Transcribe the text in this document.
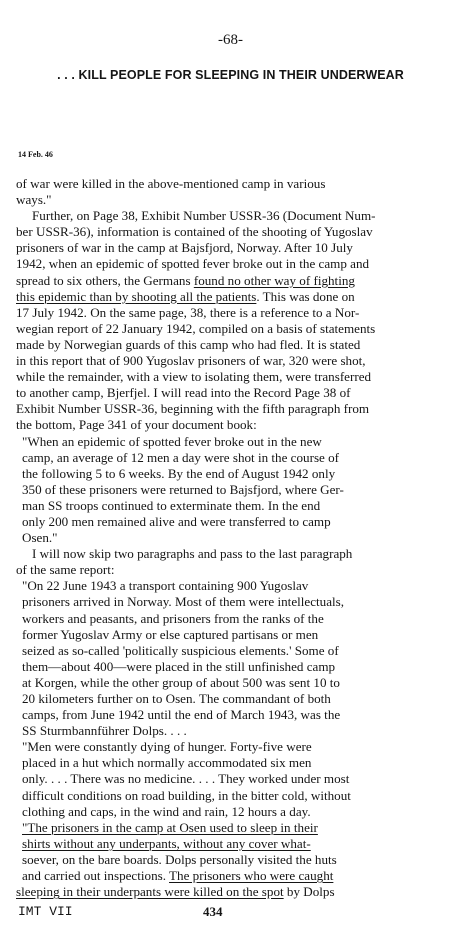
-68-
. . . KILL PEOPLE FOR SLEEPING IN THEIR UNDERWEAR
14 Feb. 46
of war were killed in the above-mentioned camp in various
ways."
Further, on Page 38, Exhibit Number USSR-36 (Document Num-
ber USSR-36), information is contained of the shooting of Yugoslav
prisoners of war in the camp at Bajsfjord, Norway. After 10 July
1942, when an epidemic of spotted fever broke out in the camp and
spread to six others, the Germans found no other way of fighting
this epidemic than by shooting all the patients. This was done on
17 July 1942. On the same page, 38, there is a reference to a Nor-
wegian report of 22 January 1942, compiled on a basis of statements
made by Norwegian guards of this camp who had fled. It is stated
in this report that of 900 Yugoslav prisoners of war, 320 were shot,
while the remainder, with a view to isolating them, were transferred
to another camp, Bjerfjel. I will read into the Record Page 38 of
Exhibit Number USSR-36, beginning with the fifth paragraph from
the bottom, Page 341 of your document book:
"When an epidemic of spotted fever broke out in the new
camp, an average of 12 men a day were shot in the course of
the following 5 to 6 weeks. By the end of August 1942 only
350 of these prisoners were returned to Bajsfjord, where Ger-
man SS troops continued to exterminate them. In the end
only 200 men remained alive and were transferred to camp
Osen."
I will now skip two paragraphs and pass to the last paragraph
of the same report:
"On 22 June 1943 a transport containing 900 Yugoslav
prisoners arrived in Norway. Most of them were intellectuals,
workers and peasants, and prisoners from the ranks of the
former Yugoslav Army or else captured partisans or men
seized as so-called 'politically suspicious elements.' Some of
them—about 400—were placed in the still unfinished camp
at Korgen, while the other group of about 500 was sent 10 to
20 kilometers further on to Osen. The commandant of both
camps, from June 1942 until the end of March 1943, was the
SS Sturmbannführer Dolps. . . .
"Men were constantly dying of hunger. Forty-five were
placed in a hut which normally accommodated six men
only. . . . There was no medicine. . . . They worked under most
difficult conditions on road building, in the bitter cold, without
clothing and caps, in the wind and rain, 12 hours a day.
"The prisoners in the camp at Osen used to sleep in their
shirts without any underpants, without any cover what-
soever, on the bare boards. Dolps personally visited the huts
and carried out inspections. The prisoners who were caught
sleeping in their underpants were killed on the spot by Dolps
IMT VII	434
